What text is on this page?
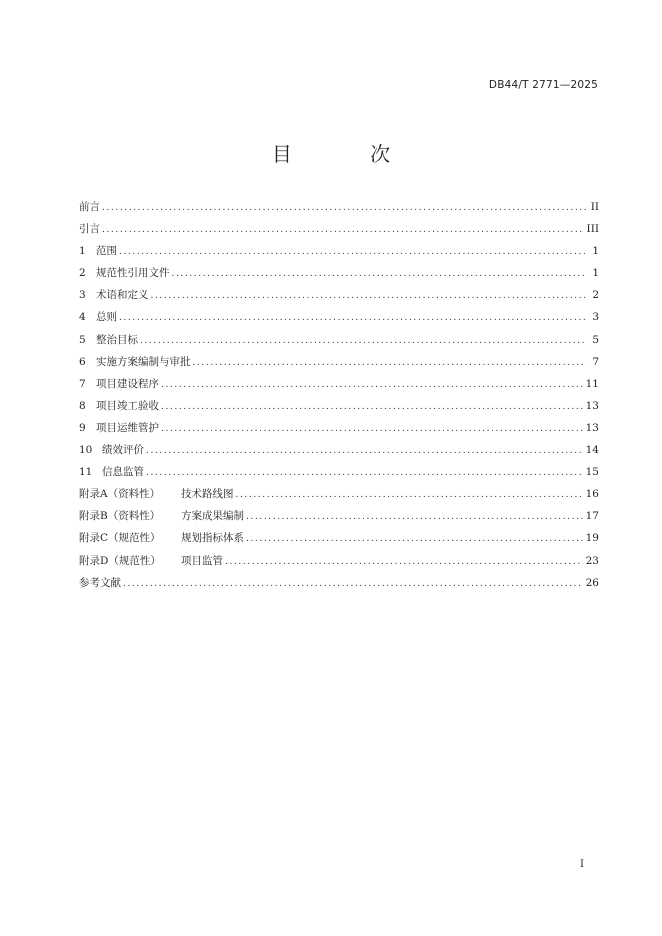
DB44/T 2771—2025
目 次
前言 .....	II
引言 .....	III
1 范围 .....	1
2 规范性引用文件 .....	1
3 术语和定义 .....	2
4 总则 .....	3
5 整治目标 .....	5
6 实施方案编制与审批 .....	7
7 项目建设程序 .....	11
8 项目竣工验收 .....	13
9 项目运维管护 .....	13
10 绩效评价 .....	14
11 信息监管 .....	15
附录A（资料性）	技术路线图 .....	16
附录B（资料性）	方案成果编制 .....	17
附录C（规范性）	规划指标体系 .....	19
附录D（规范性）	项目监管 .....	23
参考文献 .....	26
I
